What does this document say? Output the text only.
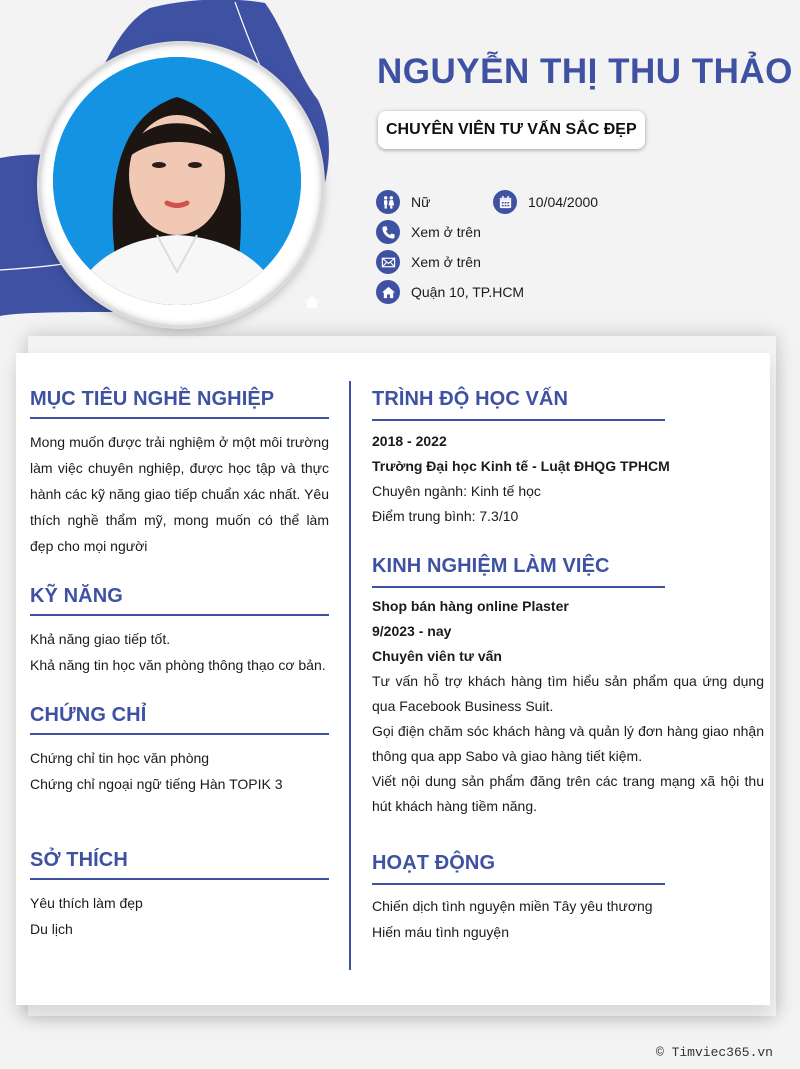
NGUYỄN THỊ THU THẢO
CHUYÊN VIÊN TƯ VẤN SẮC ĐẸP
Nữ	10/04/2000
Xem ở trên
Xem ở trên
Quận 10, TP.HCM
MỤC TIÊU NGHỀ NGHIỆP

Mong muốn được trải nghiệm ở một môi trường làm việc chuyên nghiệp, được học tập và thực hành các kỹ năng giao tiếp chuẩn xác nhất. Yêu thích nghề thẩm mỹ, mong muốn có thể làm đẹp cho mọi người

KỸ NĂNG

Khả năng giao tiếp tốt.

Khả năng tin học văn phòng thông thạo cơ bản.

CHỨNG CHỈ

Chứng chỉ tin học văn phòng

Chứng chỉ ngoại ngữ tiếng Hàn TOPIK 3

SỞ THÍCH

Yêu thích làm đẹp

Du lịch

TRÌNH ĐỘ HỌC VẤN

2018 - 2022

Trường Đại học Kinh tế - Luật ĐHQG TPHCM

Chuyên ngành: Kinh tế học

Điểm trung bình: 7.3/10

KINH NGHIỆM LÀM VIỆC

Shop bán hàng online Plaster

9/2023 - nay

Chuyên viên tư vấn

Tư vấn hỗ trợ khách hàng tìm hiểu sản phẩm qua ứng dụng qua Facebook Business Suit.

Gọi điện chăm sóc khách hàng và quản lý đơn hàng giao nhận thông qua app Sabo và giao hàng tiết kiệm.

Viết nội dung sản phẩm đăng trên các trang mạng xã hội thu hút khách hàng tiềm năng.

HOẠT ĐỘNG

Chiến dịch tình nguyện miền Tây yêu thương

Hiến máu tình nguyện

© Timviec365.vn
